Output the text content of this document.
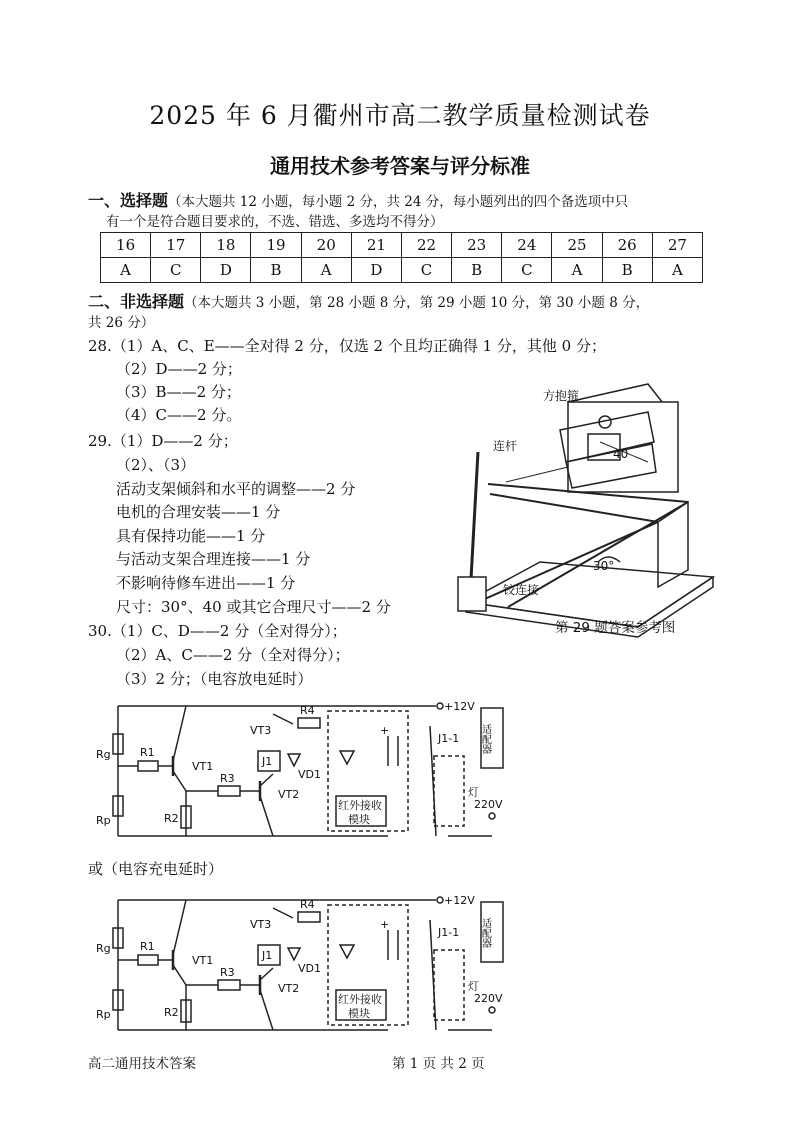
2025 年 6 月衢州市高二教学质量检测试卷
通用技术参考答案与评分标准
一、选择题（本大题共 12 小题，每小题 2 分，共 24 分，每小题列出的四个备选项中只
有一个是符合题目要求的，不选、错选、多选均不得分）
16	17	18	19	20	21	22	23	24	25	26	27
A	C	D	B	A	D	C	B	C	A	B	A
二、非选择题（本大题共 3 小题，第 28 小题 8 分，第 29 小题 10 分，第 30 小题 8 分，
共 26 分）
28.（1）A、C、E——全对得 2 分，仅选 2 个且均正确得 1 分，其他 0 分；
（2）D——2 分；
（3）B——2 分；
（4）C——2 分。
29.（1）D——2 分；
（2）、（3）
活动支架倾斜和水平的调整——2 分
电机的合理安装——1 分
具有保持功能——1 分
与活动支架合理连接——1 分
不影响待修车进出——1 分
尺寸：30°、40 或其它合理尺寸——2 分
方抱箍
连杆
40
30°
铰连接
第 29 题答案参考图
30.（1）C、D——2 分（全对得分）；
（2）A、C——2 分（全对得分）；
（3）2 分；（电容放电延时）
+12V
Rg
Rp
R1
R2
R3
R4
VT1
VT2
VT3
J1
VD1
+
红外接收
模块
J1-1
灯
220V
适配器
或（电容充电延时）
+12V
Rg
Rp
R1
R2
R3
R4
VT1
VT2
VT3
J1
VD1
+
红外接收
模块
J1-1
灯
220V
适配器
高二通用技术答案	第 1 页 共 2 页
